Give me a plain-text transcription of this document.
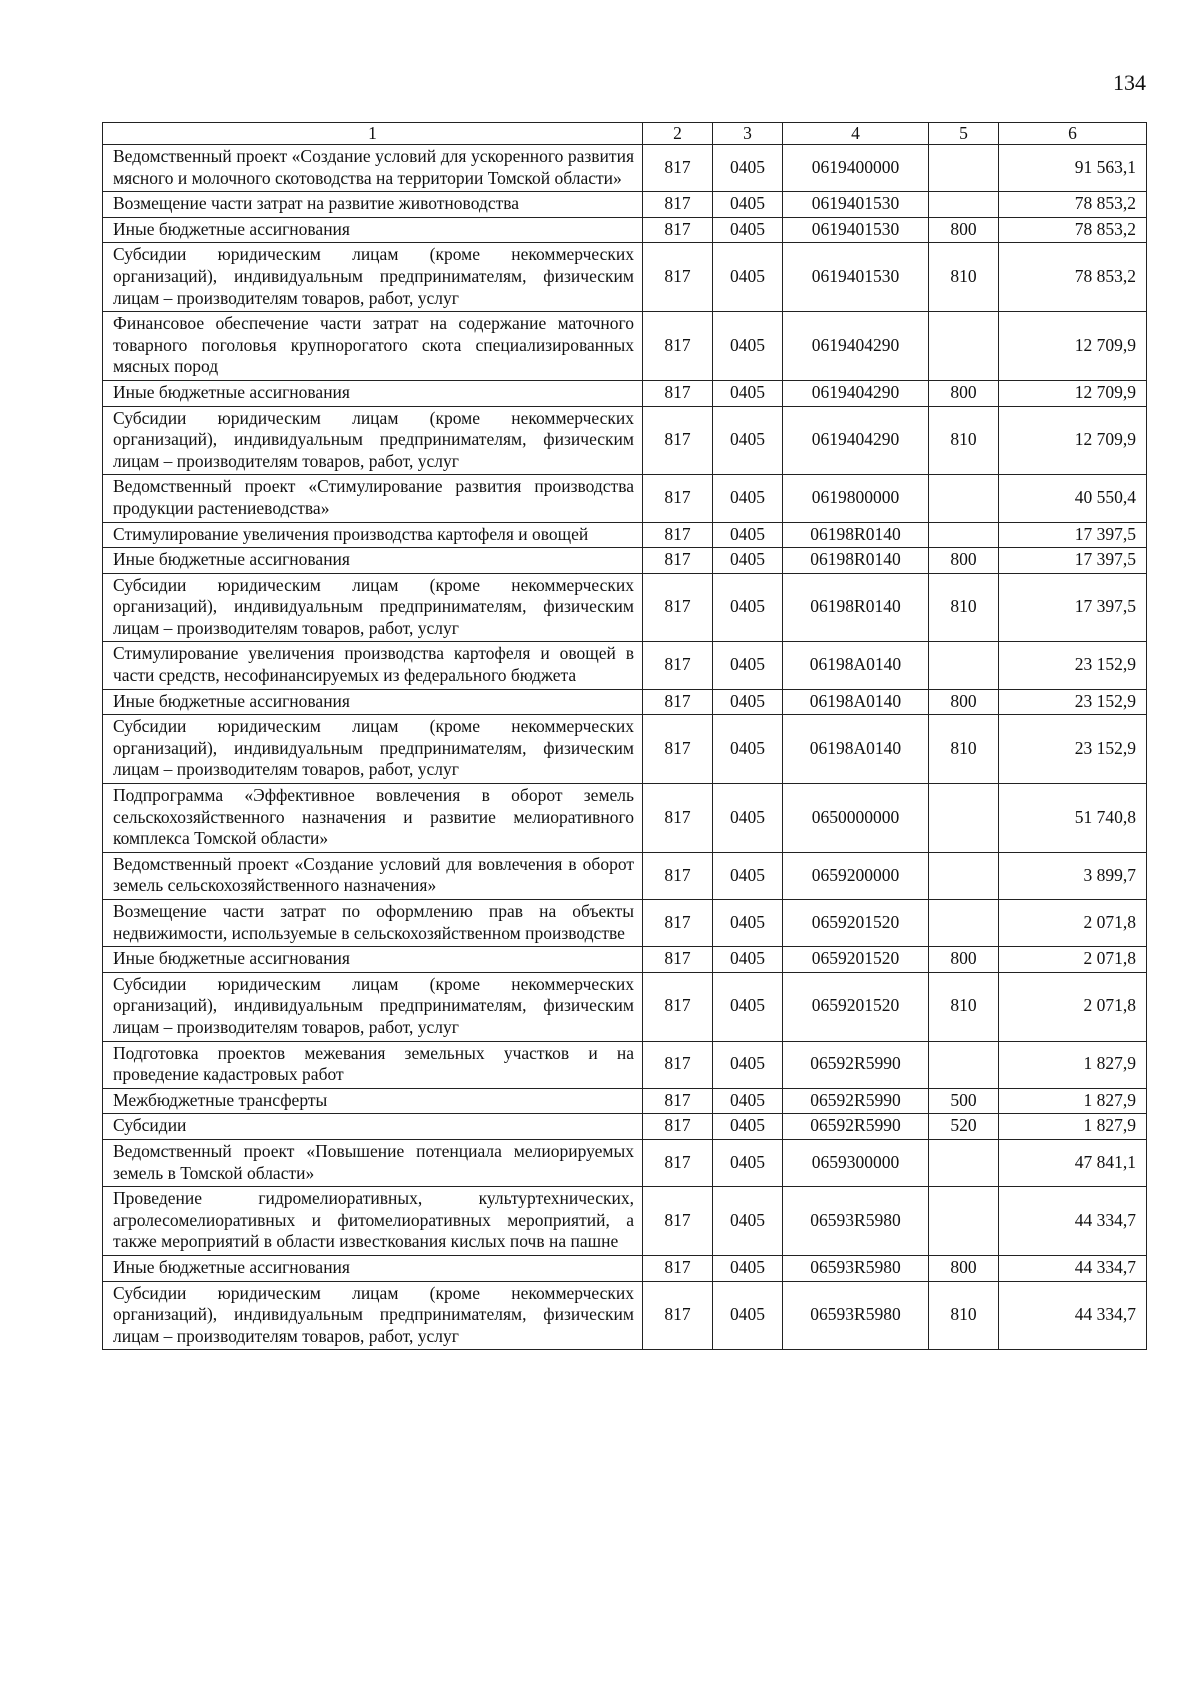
134
1	2	3	4	5	6
Ведомственный проект «Создание условий для ускоренного развития мясного и молочного скотоводства на территории Томской области»	817	0405	0619400000		91 563,1
Возмещение части затрат на развитие животноводства	817	0405	0619401530		78 853,2
Иные бюджетные ассигнования	817	0405	0619401530	800	78 853,2
Субсидии юридическим лицам (кроме некоммерческих организаций), индивидуальным предпринимателям, физическим лицам – производителям товаров, работ, услуг	817	0405	0619401530	810	78 853,2
Финансовое обеспечение части затрат на содержание маточного товарного поголовья крупнорогатого скота специализированных мясных пород	817	0405	0619404290		12 709,9
Иные бюджетные ассигнования	817	0405	0619404290	800	12 709,9
Субсидии юридическим лицам (кроме некоммерческих организаций), индивидуальным предпринимателям, физическим лицам – производителям товаров, работ, услуг	817	0405	0619404290	810	12 709,9
Ведомственный проект «Стимулирование развития производства продукции растениеводства»	817	0405	0619800000		40 550,4
Стимулирование увеличения производства картофеля и овощей	817	0405	06198R0140		17 397,5
Иные бюджетные ассигнования	817	0405	06198R0140	800	17 397,5
Субсидии юридическим лицам (кроме некоммерческих организаций), индивидуальным предпринимателям, физическим лицам – производителям товаров, работ, услуг	817	0405	06198R0140	810	17 397,5
Стимулирование увеличения производства картофеля и овощей в части средств, несофинансируемых из федерального бюджета	817	0405	06198A0140		23 152,9
Иные бюджетные ассигнования	817	0405	06198A0140	800	23 152,9
Субсидии юридическим лицам (кроме некоммерческих организаций), индивидуальным предпринимателям, физическим лицам – производителям товаров, работ, услуг	817	0405	06198A0140	810	23 152,9
Подпрограмма «Эффективное вовлечения в оборот земель сельскохозяйственного назначения и развитие мелиоративного комплекса Томской области»	817	0405	0650000000		51 740,8
Ведомственный проект «Создание условий для вовлечения в оборот земель сельскохозяйственного назначения»	817	0405	0659200000		3 899,7
Возмещение части затрат по оформлению прав на объекты недвижимости, используемые в сельскохозяйственном производстве	817	0405	0659201520		2 071,8
Иные бюджетные ассигнования	817	0405	0659201520	800	2 071,8
Субсидии юридическим лицам (кроме некоммерческих организаций), индивидуальным предпринимателям, физическим лицам – производителям товаров, работ, услуг	817	0405	0659201520	810	2 071,8
Подготовка проектов межевания земельных участков и на проведение кадастровых работ	817	0405	06592R5990		1 827,9
Межбюджетные трансферты	817	0405	06592R5990	500	1 827,9
Субсидии	817	0405	06592R5990	520	1 827,9
Ведомственный проект «Повышение потенциала мелиорируемых земель в Томской области»	817	0405	0659300000		47 841,1
Проведение гидромелиоративных, культуртехнических, агролесомелиоративных и фитомелиоративных мероприятий, а также мероприятий в области известкования кислых почв на пашне	817	0405	06593R5980		44 334,7
Иные бюджетные ассигнования	817	0405	06593R5980	800	44 334,7
Субсидии юридическим лицам (кроме некоммерческих организаций), индивидуальным предпринимателям, физическим лицам – производителям товаров, работ, услуг	817	0405	06593R5980	810	44 334,7
